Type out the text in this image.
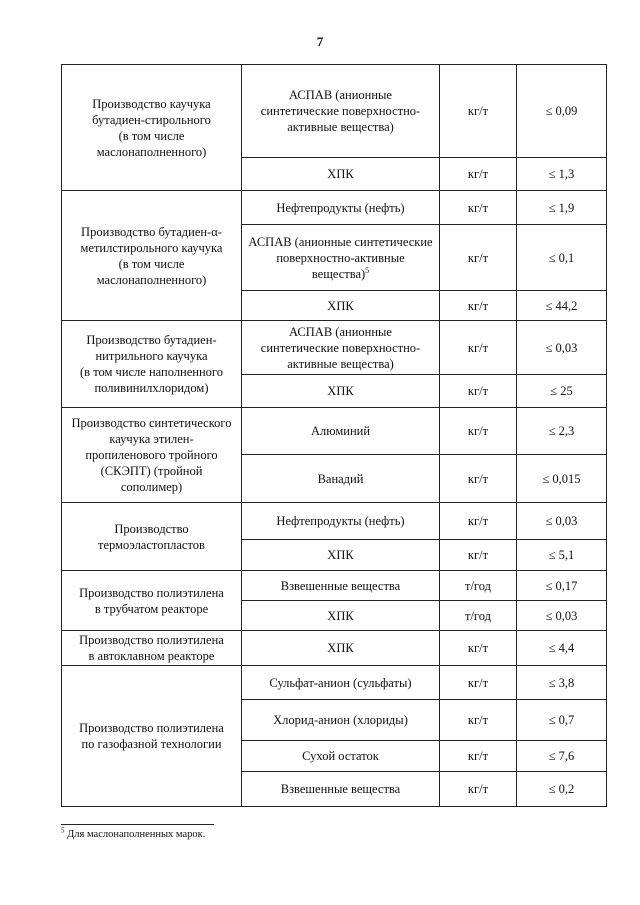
7
Производство каучука
бутадиен-стирольного
(в том числе
маслонаполненного)	АСПАВ (анионные
синтетические поверхностно-
активные вещества)	кг/т	≤ 0,09
	ХПК	кг/т	≤ 1,3
Производство бутадиен-α-
метилстирольного каучука
(в том числе
маслонаполненного)	Нефтепродукты (нефть)	кг/т	≤ 1,9
	АСПАВ (анионные синтетические
поверхностно-активные
вещества)$^5$	кг/т	≤ 0,1
	ХПК	кг/т	≤ 44,2
Производство бутадиен-
нитрильного каучука
(в том числе наполненного
поливинилхлоридом)	АСПАВ (анионные
синтетические поверхностно-
активные вещества)	кг/т	≤ 0,03
	ХПК	кг/т	≤ 25
Производство синтетического
каучука этилен-
пропиленового тройного
(СКЭПТ) (тройной
сополимер)	Алюминий	кг/т	≤ 2,3
	Ванадий	кг/т	≤ 0,015
Производство
термоэластопластов	Нефтепродукты (нефть)	кг/т	≤ 0,03
	ХПК	кг/т	≤ 5,1
Производство полиэтилена
в трубчатом реакторе	Взвешенные вещества	т/год	≤ 0,17
	ХПК	т/год	≤ 0,03
Производство полиэтилена
в автоклавном реакторе	ХПК	кг/т	≤ 4,4
Производство полиэтилена
по газофазной технологии	Сульфат-анион (сульфаты)	кг/т	≤ 3,8
	Хлорид-анион (хлориды)	кг/т	≤ 0,7
	Сухой остаток	кг/т	≤ 7,6
	Взвешенные вещества	кг/т	≤ 0,2
$^5$ Для маслонаполненных марок.
